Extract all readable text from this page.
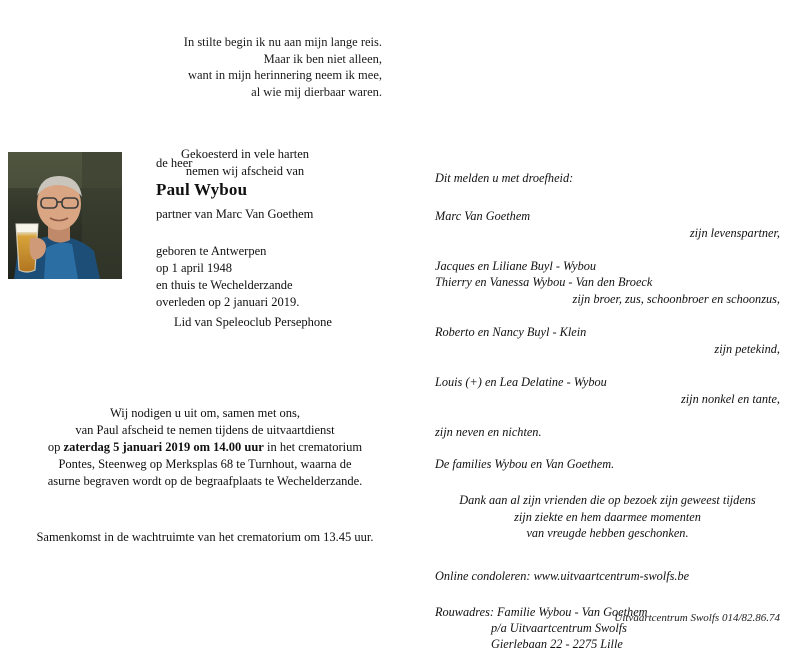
In stilte begin ik nu aan mijn lange reis.
Maar ik ben niet alleen,
want in mijn herinnering neem ik mee,
al wie mij dierbaar waren.
Gekoesterd in vele harten
nemen wij afscheid van
de heer
Paul Wybou
partner van Marc Van Goethem
geboren te Antwerpen
op 1 april 1948
en thuis te Wechelderzande
overleden op 2 januari 2019.
Lid van Speleoclub Persephone
Wij nodigen u uit om, samen met ons,
van Paul afscheid te nemen tijdens de uitvaartdienst
op zaterdag 5 januari 2019 om 14.00 uur in het crematorium
Pontes, Steenweg op Merksplas 68 te Turnhout, waarna de
asurne begraven wordt op de begraafplaats te Wechelderzande.
Samenkomst in de wachtruimte van het crematorium om 13.45 uur.
Dit melden u met droefheid:
Marc Van Goethem
zijn levenspartner,
Jacques en Liliane Buyl - Wybou
Thierry en Vanessa Wybou - Van den Broeck
zijn broer, zus, schoonbroer en schoonzus,
Roberto en Nancy Buyl - Klein
zijn petekind,
Louis (+) en Lea Delatine - Wybou
zijn nonkel en tante,
zijn neven en nichten.
De families Wybou en Van Goethem.
Dank aan al zijn vrienden die op bezoek zijn geweest tijdens
zijn ziekte en hem daarmee momenten
van vreugde hebben geschonken.
Online condoleren: www.uitvaartcentrum-swolfs.be
Rouwadres: Familie Wybou - Van Goethem
p/a Uitvaartcentrum Swolfs
Gierlebaan 22 - 2275 Lille
Uitvaartcentrum Swolfs 014/82.86.74
